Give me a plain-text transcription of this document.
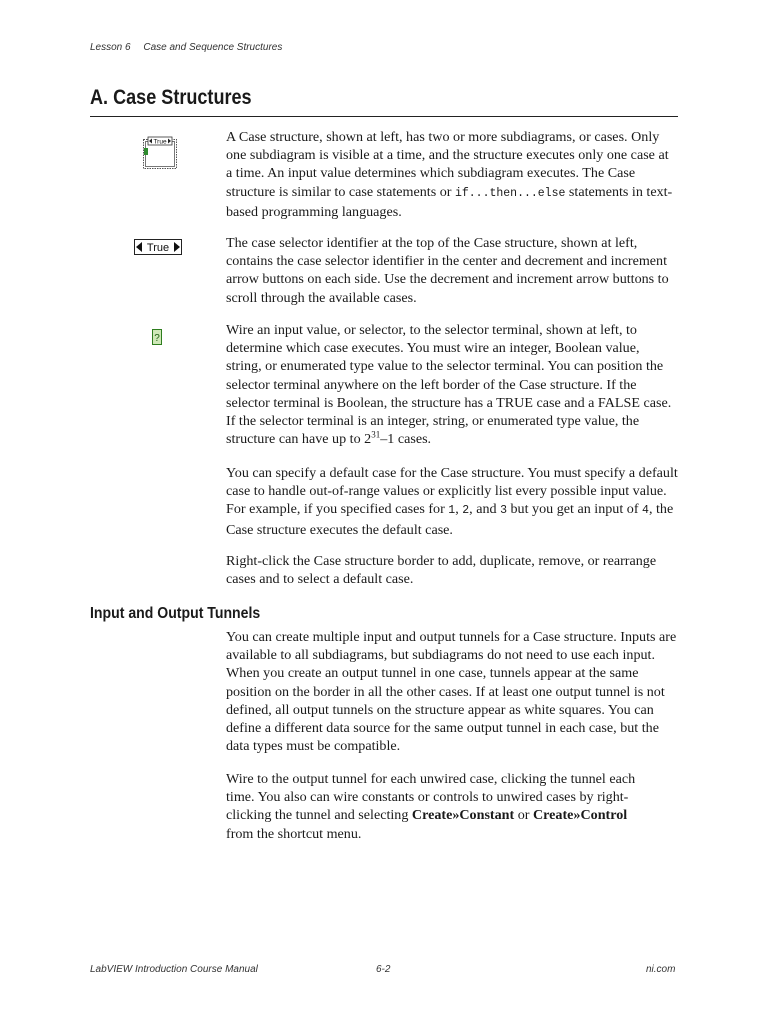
Lesson 6 Case and Sequence Structures
A. Case Structures
True
True
?

A Case structure, shown at left, has two or more subdiagrams, or cases. Only one subdiagram is visible at a time, and the structure executes only one case at a time. An input value determines which subdiagram executes. The Case structure is similar to case statements or if...then...else statements in text-based programming languages.

The case selector identifier at the top of the Case structure, shown at left, contains the case selector identifier in the center and decrement and increment arrow buttons on each side. Use the decrement and increment arrow buttons to scroll through the available cases.

Wire an input value, or selector, to the selector terminal, shown at left, to determine which case executes. You must wire an integer, Boolean value, string, or enumerated type value to the selector terminal. You can position the selector terminal anywhere on the left border of the Case structure. If the selector terminal is Boolean, the structure has a TRUE case and a FALSE case. If the selector terminal is an integer, string, or enumerated type value, the structure can have up to $2^{31}-1$ cases.

You can specify a default case for the Case structure. You must specify a default case to handle out-of-range values or explicitly list every possible input value. For example, if you specified cases for 1, 2, and 3 but you get an input of 4, the Case structure executes the default case.

Right-click the Case structure border to add, duplicate, remove, or rearrange cases and to select a default case.

Input and Output Tunnels

You can create multiple input and output tunnels for a Case structure. Inputs are available to all subdiagrams, but subdiagrams do not need to use each input. When you create an output tunnel in one case, tunnels appear at the same position on the border in all the other cases. If at least one output tunnel is not defined, all output tunnels on the structure appear as white squares. You can define a different data source for the same output tunnel in each case, but the data types must be compatible.

Wire to the output tunnel for each unwired case, clicking the tunnel each time. You also can wire constants or controls to unwired cases by right-clicking the tunnel and selecting Create»Constant or Create»Control from the shortcut menu.

LabVIEW Introduction Course Manual	6-2	ni.com
